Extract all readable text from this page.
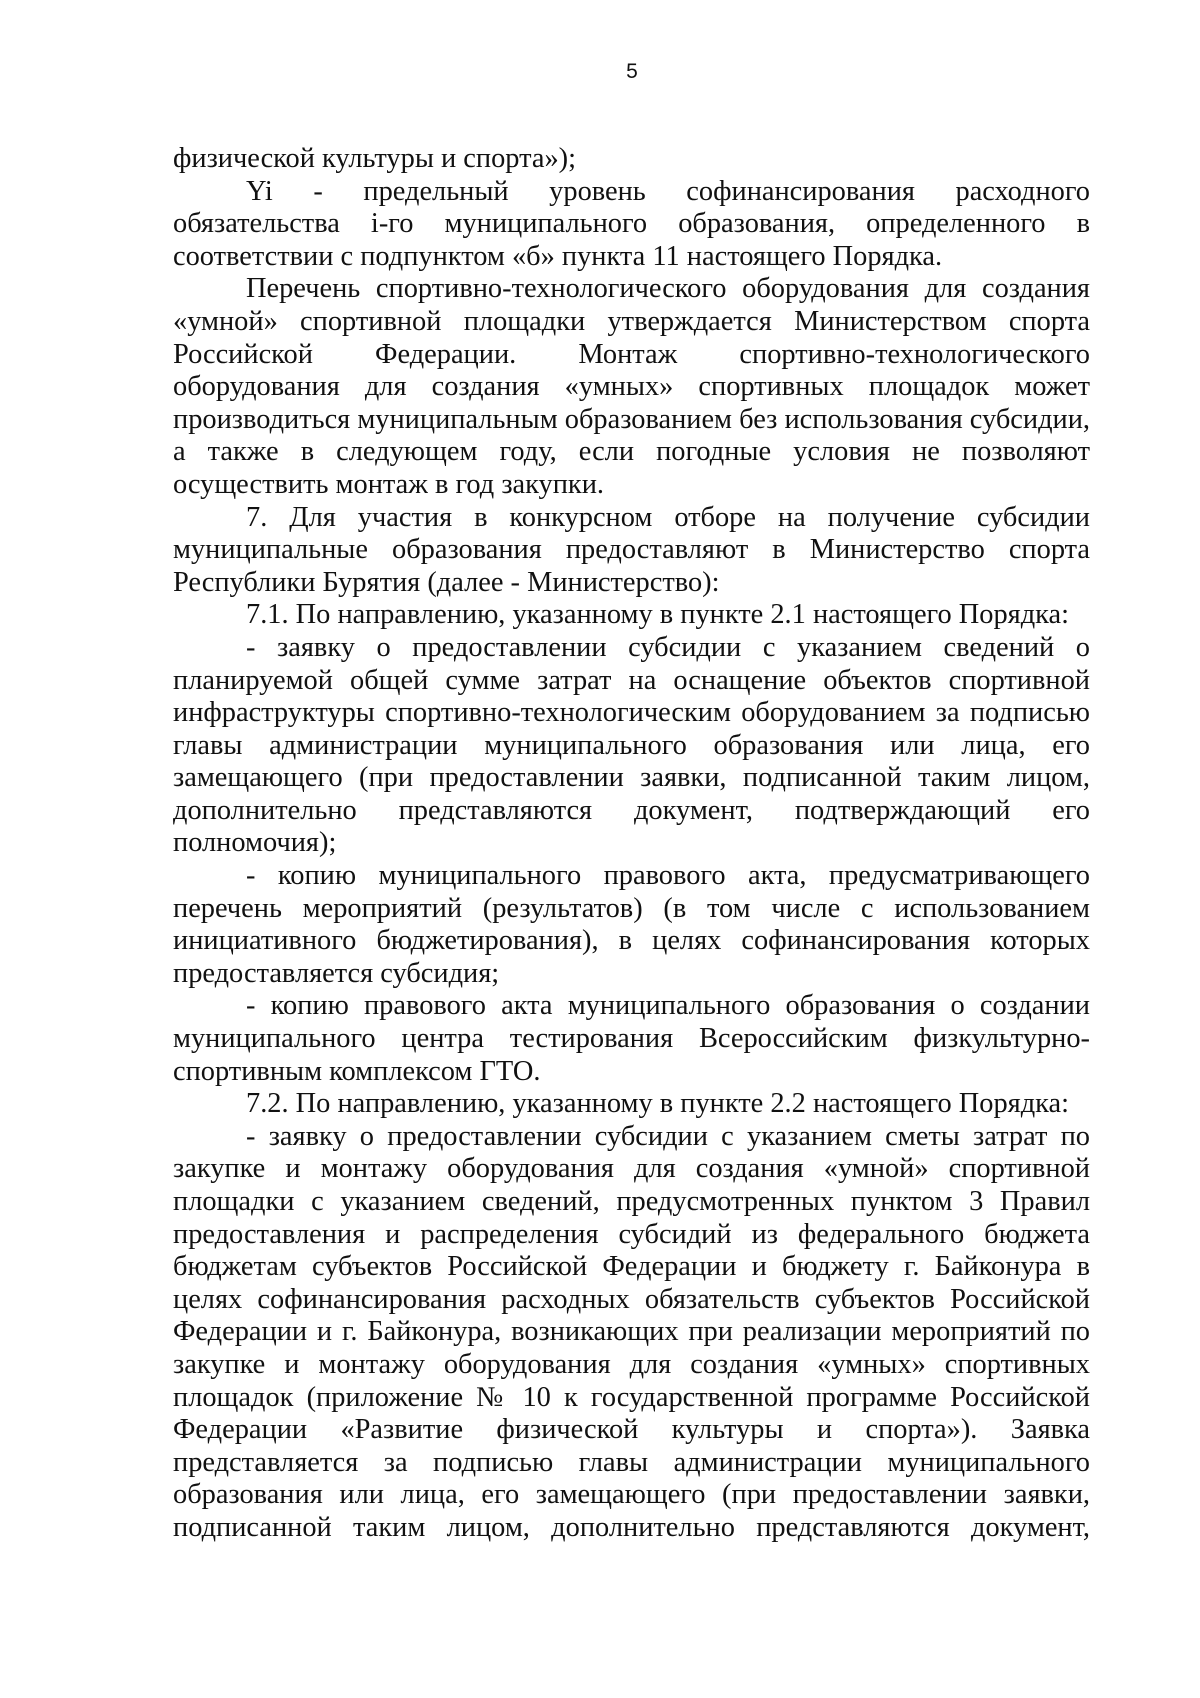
5

физической культуры и спорта»);

Yi - предельный уровень софинансирования расходного обязательства i-го муниципального образования, определенного в соответствии с подпунктом «б» пункта 11 настоящего Порядка.

Перечень спортивно-технологического оборудования для создания «умной» спортивной площадки утверждается Министерством спорта Российской Федерации. Монтаж спортивно-технологического оборудования для создания «умных» спортивных площадок может производиться муниципальным образованием без использования субсидии, а также в следующем году, если погодные условия не позволяют осуществить монтаж в год закупки.

7. Для участия в конкурсном отборе на получение субсидии муниципальные образования предоставляют в Министерство спорта Республики Бурятия (далее - Министерство):

7.1. По направлению, указанному в пункте 2.1 настоящего Порядка:

- заявку о предоставлении субсидии с указанием сведений о планируемой общей сумме затрат на оснащение объектов спортивной инфраструктуры спортивно-технологическим оборудованием за подписью главы администрации муниципального образования или лица, его замещающего (при предоставлении заявки, подписанной таким лицом, дополнительно представляются документ, подтверждающий его полномочия);

- копию муниципального правового акта, предусматривающего перечень мероприятий (результатов) (в том числе с использованием инициативного бюджетирования), в целях софинансирования которых предоставляется субсидия;

- копию правового акта муниципального образования о создании муниципального центра тестирования Всероссийским физкультурно-спортивным комплексом ГТО.

7.2. По направлению, указанному в пункте 2.2 настоящего Порядка:

- заявку о предоставлении субсидии с указанием сметы затрат по закупке и монтажу оборудования для создания «умной» спортивной площадки с указанием сведений, предусмотренных пунктом 3 Правил предоставления и распределения субсидий из федерального бюджета бюджетам субъектов Российской Федерации и бюджету г. Байконура в целях софинансирования расходных обязательств субъектов Российской Федерации и г. Байконура, возникающих при реализации мероприятий по закупке и монтажу оборудования для создания «умных» спортивных площадок (приложение № 10 к государственной программе Российской Федерации «Развитие физической культуры и спорта»). Заявка представляется за подписью главы администрации муниципального образования или лица, его замещающего (при предоставлении заявки, подписанной таким лицом, дополнительно представляются документ,
